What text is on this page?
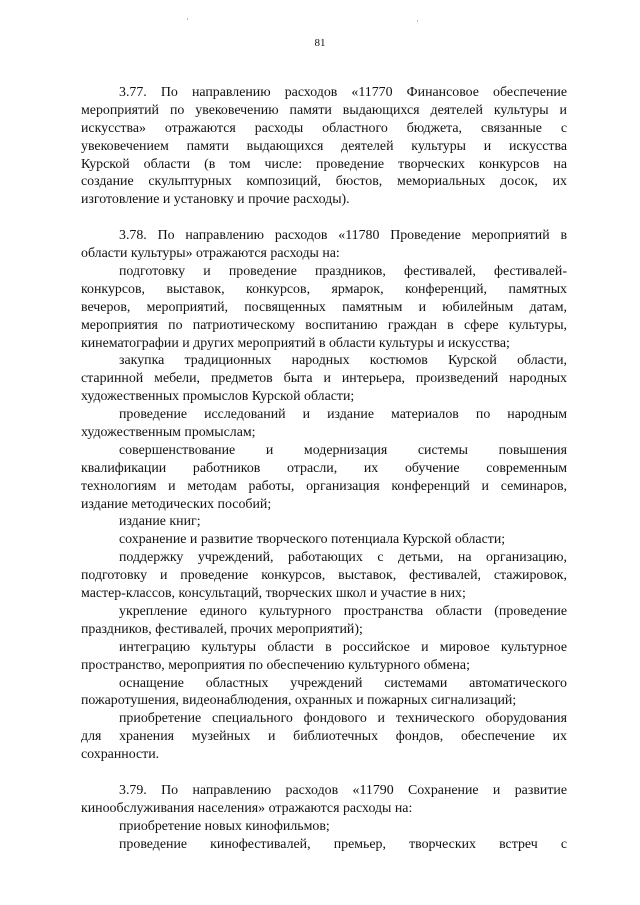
81
3.77. По направлению расходов «11770 Финансовое обеспечение
мероприятий по увековечению памяти выдающихся деятелей культуры и
искусства» отражаются расходы областного бюджета, связанные с
увековечением памяти выдающихся деятелей культуры и искусства
Курской области (в том числе: проведение творческих конкурсов на
создание скульптурных композиций, бюстов, мемориальных досок, их
изготовление и установку и прочие расходы).
3.78. По направлению расходов «11780 Проведение мероприятий в
области культуры» отражаются расходы на:
подготовку и проведение праздников, фестивалей, фестивалей-
конкурсов, выставок, конкурсов, ярмарок, конференций, памятных
вечеров, мероприятий, посвященных памятным и юбилейным датам,
мероприятия по патриотическому воспитанию граждан в сфере культуры,
кинематографии и других мероприятий в области культуры и искусства;
закупка традиционных народных костюмов Курской области,
старинной мебели, предметов быта и интерьера, произведений народных
художественных промыслов Курской области;
проведение исследований и издание материалов по народным
художественным промыслам;
совершенствование и модернизация системы повышения
квалификации работников отрасли, их обучение современным
технологиям и методам работы, организация конференций и семинаров,
издание методических пособий;
издание книг;
сохранение и развитие творческого потенциала Курской области;
поддержку учреждений, работающих с детьми, на организацию,
подготовку и проведение конкурсов, выставок, фестивалей, стажировок,
мастер-классов, консультаций, творческих школ и участие в них;
укрепление единого культурного пространства области (проведение
праздников, фестивалей, прочих мероприятий);
интеграцию культуры области в российское и мировое культурное
пространство, мероприятия по обеспечению культурного обмена;
оснащение областных учреждений системами автоматического
пожаротушения, видеонаблюдения, охранных и пожарных сигнализаций;
приобретение специального фондового и технического оборудования
для хранения музейных и библиотечных фондов, обеспечение их
сохранности.
3.79. По направлению расходов «11790 Сохранение и развитие
кинообслуживания населения» отражаются расходы на:
приобретение новых кинофильмов;
проведение кинофестивалей, премьер, творческих встреч с
